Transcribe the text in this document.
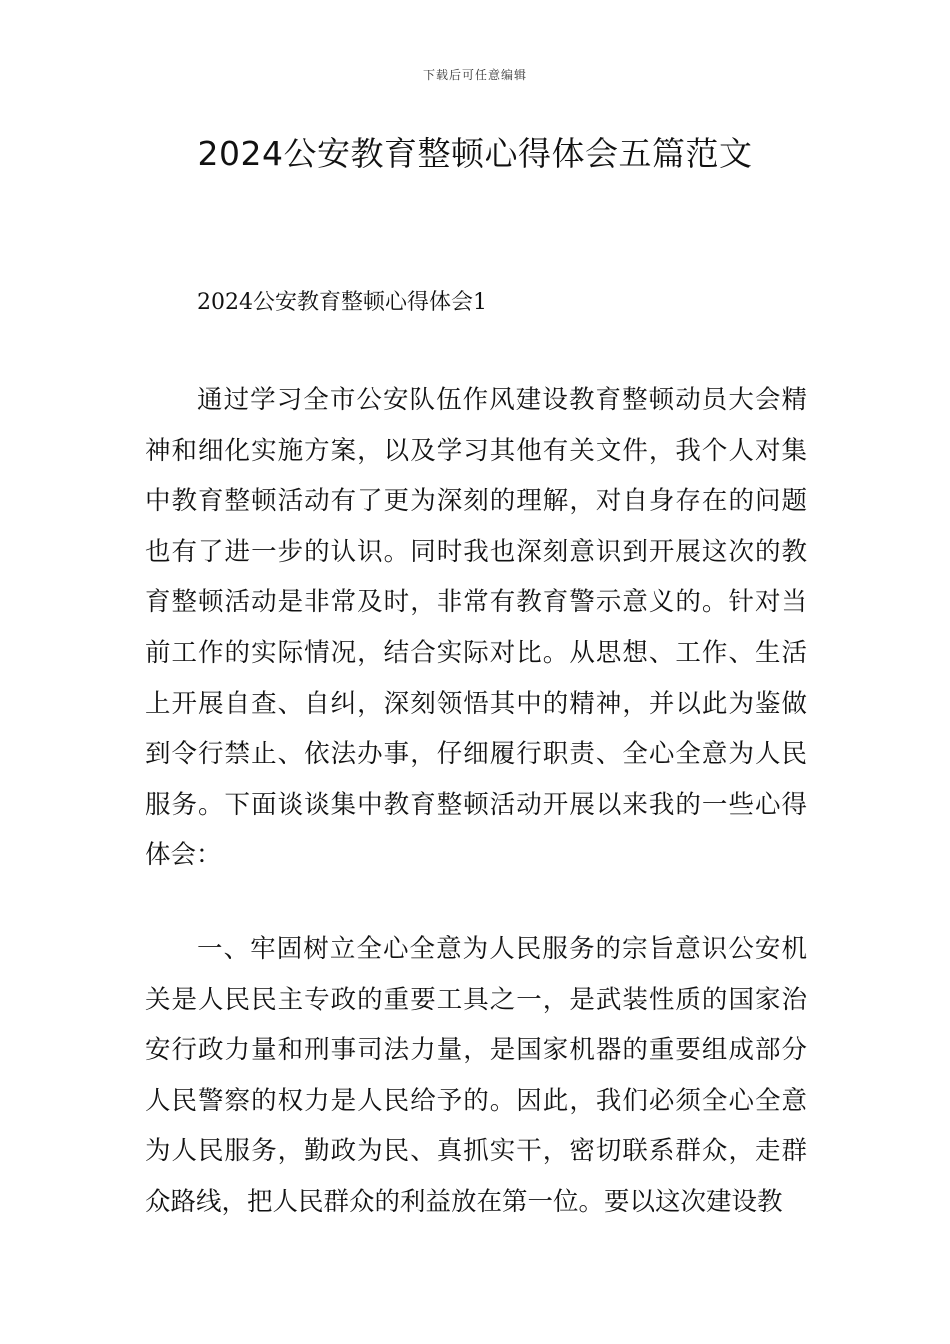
下载后可任意编辑
2024公安教育整顿心得体会五篇范文
2024公安教育整顿心得体会1

通过学习全市公安队伍作风建设教育整顿动员大会精神和细化实施方案，以及学习其他有关文件，我个人对集中教育整顿活动有了更为深刻的理解，对自身存在的问题也有了进一步的认识。同时我也深刻意识到开展这次的教育整顿活动是非常及时，非常有教育警示意义的。针对当前工作的实际情况，结合实际对比。从思想、工作、生活上开展自查、自纠，深刻领悟其中的精神，并以此为鉴做到令行禁止、依法办事，仔细履行职责、全心全意为人民服务。下面谈谈集中教育整顿活动开展以来我的一些心得体会：

一、牢固树立全心全意为人民服务的宗旨意识公安机关是人民民主专政的重要工具之一，是武装性质的国家治安行政力量和刑事司法力量，是国家机器的重要组成部分人民警察的权力是人民给予的。因此，我们必须全心全意为人民服务，勤政为民、真抓实干，密切联系群众，走群众路线，把人民群众的利益放在第一位。要以这次建设教
